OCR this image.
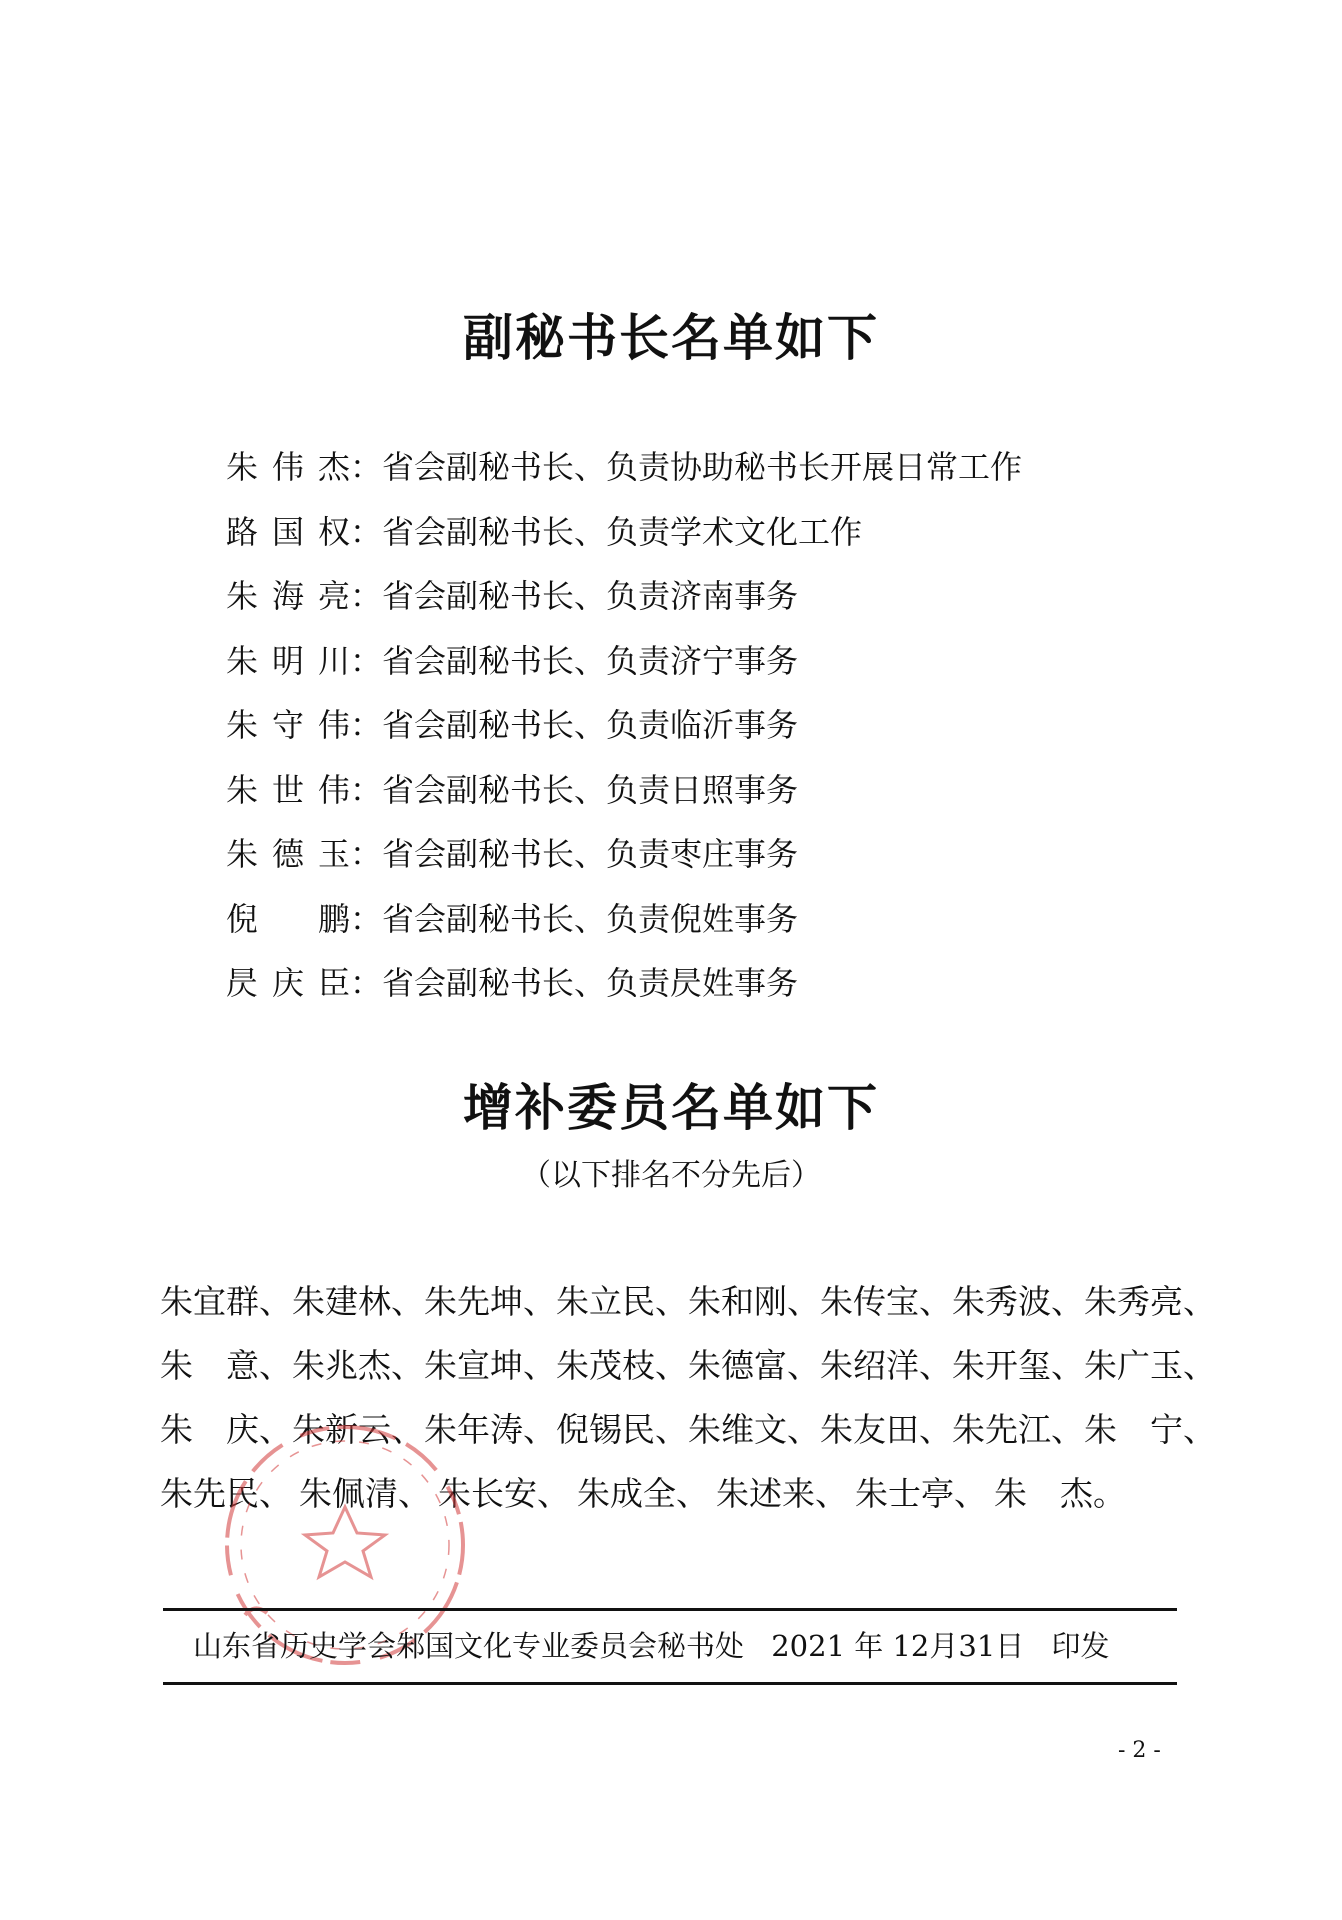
副秘书长名单如下
朱伟杰：省会副秘书长、负责协助秘书长开展日常工作
路国权：省会副秘书长、负责学术文化工作
朱海亮：省会副秘书长、负责济南事务
朱明川：省会副秘书长、负责济宁事务
朱守伟：省会副秘书长、负责临沂事务
朱世伟：省会副秘书长、负责日照事务
朱德玉：省会副秘书长、负责枣庄事务
倪鹏：省会副秘书长、负责倪姓事务
昃庆臣：省会副秘书长、负责昃姓事务
增补委员名单如下
（以下排名不分先后）
朱宜群、 朱建林、 朱先坤、 朱立民、 朱和刚、 朱传宝、 朱秀波、 朱秀亮、
朱意、 朱兆杰、 朱宣坤、 朱茂枝、 朱德富、 朱绍洋、 朱开玺、 朱广玉、
朱庆、 朱新云、 朱年涛、 倪锡民、 朱维文、 朱友田、 朱先江、 朱宁、
朱先民、 朱佩清、 朱长安、 朱成全、 朱述来、 朱士亭、 朱杰。
山东省历史学会邾国文化专业委员会秘书处 2021 年 12月31日 印发
- 2 -
